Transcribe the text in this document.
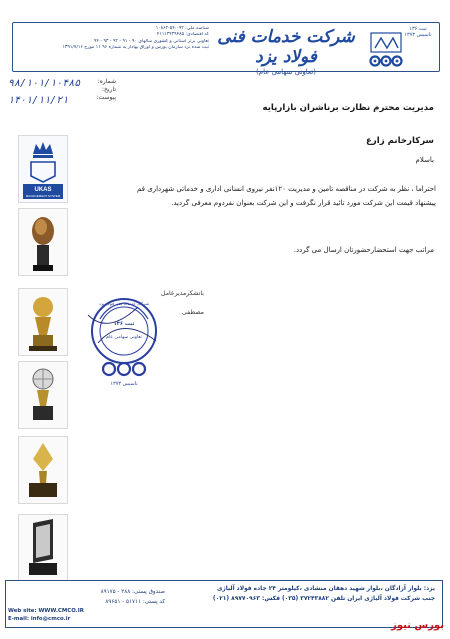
شناسه ملی: ۹۲-۵۴۰-۱۰۸۶۲
کد اقتصادی: ۴۱۱۱۳۴۳۹۴۸۵
تعاونی برتر استانی و کشوری سالهای ۹۰ - ۹۱ - ۹۲ - ۹۳ - ۹۴
ثبت شده نزد سازمان بورس و اوراق بهادار به شماره ۹۶ ۱۱ مورخ ۱۳۹۱/۷/۱۶
شرکت خدمات فنی فولاد یزد
(تعاونی سهامی عام)
ثبت ۱۳۶ تاسیس ۱۳۷۳
۹۸/۱۰۱/۱۰۴۸۵
۱۴۰۱/۱۱/۲۱
شماره:
تاریخ:
پیوست:
مدیریت محترم نظارت برناشران بازارپایه
سرکارخانم زارع
باسلام
احتراما ، نظر به شرکت در مناقصه تامین و مدیریت ۱۲۰نفر نیروی انسانی اداری و خدماتی شهرداری قم
پیشنهاد قیمت این شرکت مورد تائید قرار نگرفت و این شرکت بعنوان نفردوم معرفی گردید.
مراتب جهت استحضارحضورتان ارسال می گردد.
UKAS
MANAGEMENT SYSTEM
باتشکرمدیرعامل
مصطفی
ثبت ۱۳۶
تعاونی سهامی عام
تاسیس ۱۳۷۳
شرکت خدمات فنی فولاد یزد
یزد: بلوار آزادگان ،بلوار شهید دهقان منشادی ،کیلومتر ۲۴ جاده فولاد آلیاژی
جنب شرکت فولاد آلیاژی ایران تلفن ۳۷۲۴۳۸۸۲ (۰۳۵) فکس: ۸۹۷۷۰۹۶۳ (۰۲۱)
صندوق پستی: ۲۸۸ - ۸۹۱۷۵
کد پستی: ۵۱۷۱۱ - ۸۹۶۵۱
Web site: WWW.CMCO.IR
E-mail: info@cmco.ir
بورس نیوز
